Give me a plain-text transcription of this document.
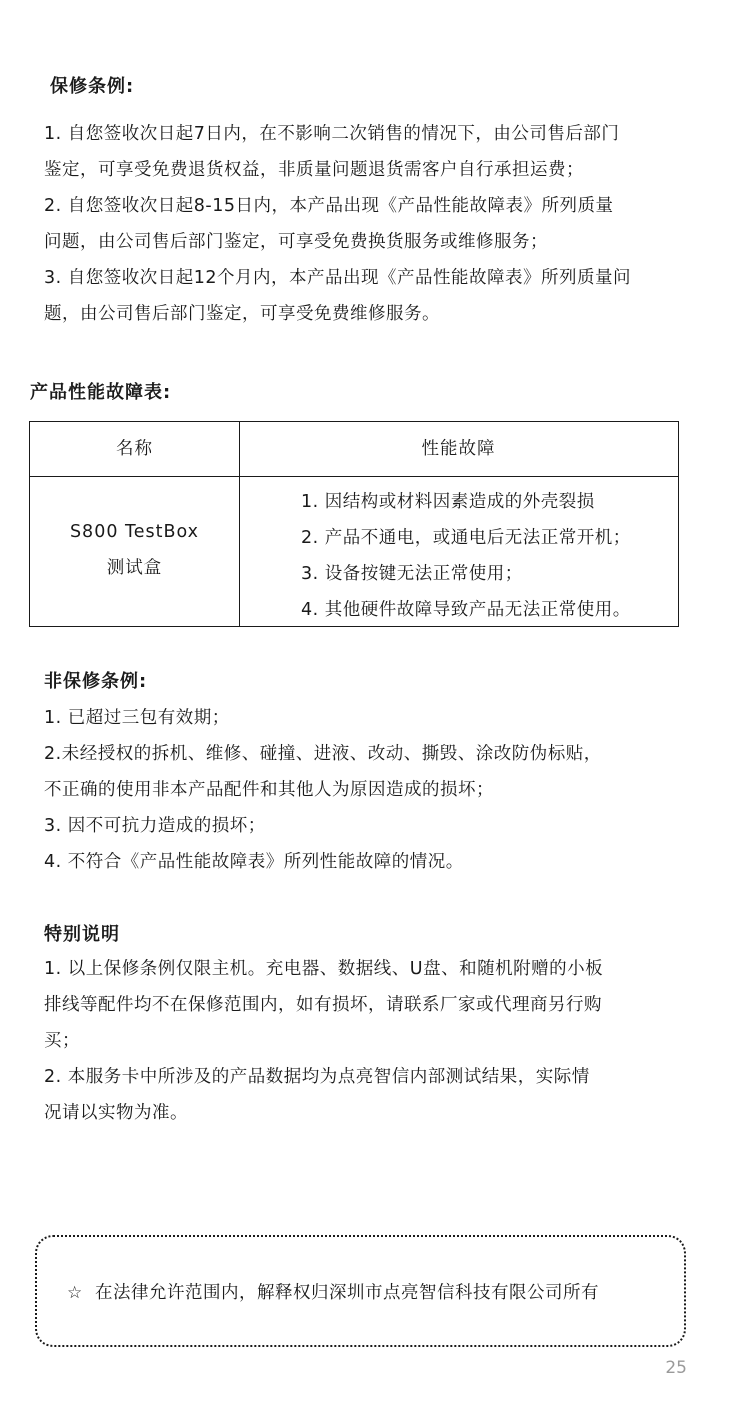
保修条例:
1. 自您签收次日起7日内，在不影响二次销售的情况下，由公司售后部门
鉴定，可享受免费退货权益，非质量问题退货需客户自行承担运费；
2. 自您签收次日起8-15日内，本产品出现《产品性能故障表》所列质量
问题，由公司售后部门鉴定，可享受免费换货服务或维修服务；
3. 自您签收次日起12个月内，本产品出现《产品性能故障表》所列质量问
题，由公司售后部门鉴定，可享受免费维修服务。
产品性能故障表:
名称	性能故障
S800 TestBox
测试盒
1. 因结构或材料因素造成的外壳裂损
2. 产品不通电，或通电后无法正常开机；
3. 设备按键无法正常使用；
4. 其他硬件故障导致产品无法正常使用。
非保修条例:
1. 已超过三包有效期；
2.未经授权的拆机、维修、碰撞、进液、改动、撕毁、涂改防伪标贴，
不正确的使用非本产品配件和其他人为原因造成的损坏；
3. 因不可抗力造成的损坏；
4. 不符合《产品性能故障表》所列性能故障的情况。
特别说明
1. 以上保修条例仅限主机。充电器、数据线、U盘、和随机附赠的小板
排线等配件均不在保修范围内，如有损坏，请联系厂家或代理商另行购
买；
2. 本服务卡中所涉及的产品数据均为点亮智信内部测试结果，实际情
况请以实物为准。
☆ 在法律允许范围内，解释权归深圳市点亮智信科技有限公司所有
25
